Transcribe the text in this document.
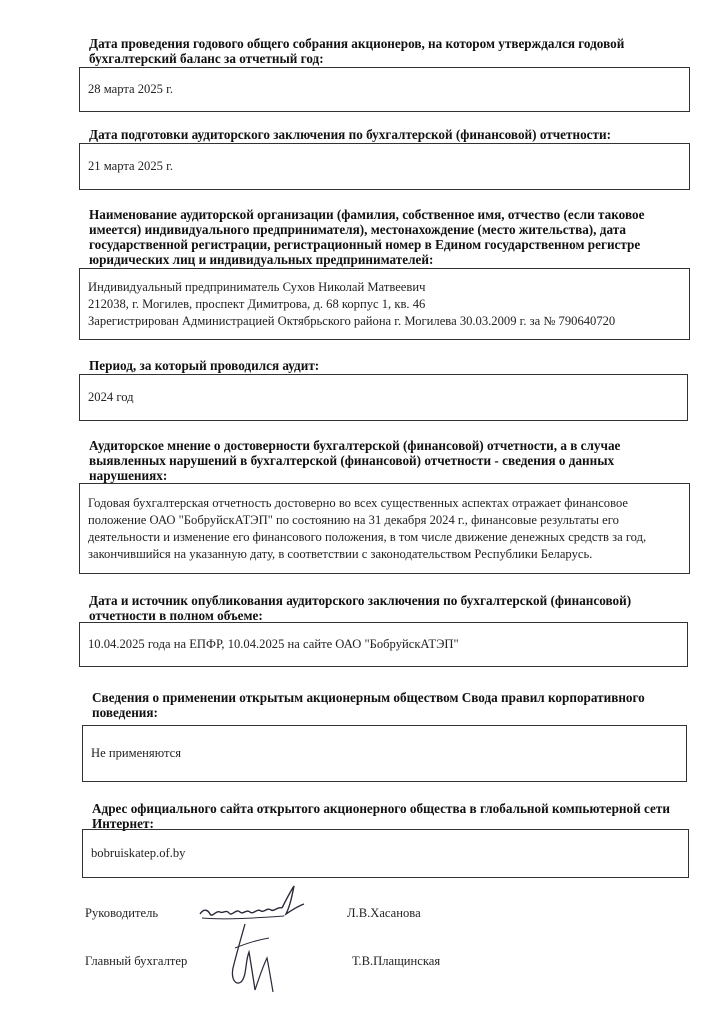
Дата проведения годового общего собрания акционеров, на котором утверждался годовой бухгалтерский баланс за отчетный год:

28 марта 2025 г.

Дата подготовки аудиторского заключения по бухгалтерской (финансовой) отчетности:

21 марта 2025 г.

Наименование аудиторской организации (фамилия, собственное имя, отчество (если таковое имеется) индивидуального предпринимателя), местонахождение (место жительства), дата государственной регистрации, регистрационный номер в Едином государственном регистре юридических лиц и индивидуальных предпринимателей:

Индивидуальный предприниматель Сухов Николай Матвеевич

212038, г. Могилев, проспект Димитрова, д. 68 корпус 1, кв. 46

Зарегистрирован Администрацией Октябрьского района г. Могилева 30.03.2009 г. за № 790640720

Период, за который проводился аудит:

2024 год

Аудиторское мнение о достоверности бухгалтерской (финансовой) отчетности, а в случае выявленных нарушений в бухгалтерской (финансовой) отчетности - сведения о данных нарушениях:

Годовая бухгалтерская отчетность достоверно во всех существенных аспектах отражает финансовое положение ОАО "БобруйскАТЭП" по состоянию на 31 декабря 2024 г., финансовые результаты его деятельности и изменение его финансового положения, в том числе движение денежных средств за год, закончившийся на указанную дату, в соответствии с законодательством Республики Беларусь.

Дата и источник опубликования аудиторского заключения по бухгалтерской (финансовой) отчетности в полном объеме:

10.04.2025 года на ЕПФР, 10.04.2025 на сайте ОАО "БобруйскАТЭП"

Сведения о применении открытым акционерным обществом Свода правил корпоративного поведения:

Не применяются

Адрес официального сайта открытого акционерного общества в глобальной компьютерной сети Интернет:

bobruiskatep.of.by

Руководитель	Л.В.Хасанова
Главный бухгалтер	Т.В.Плащинская
